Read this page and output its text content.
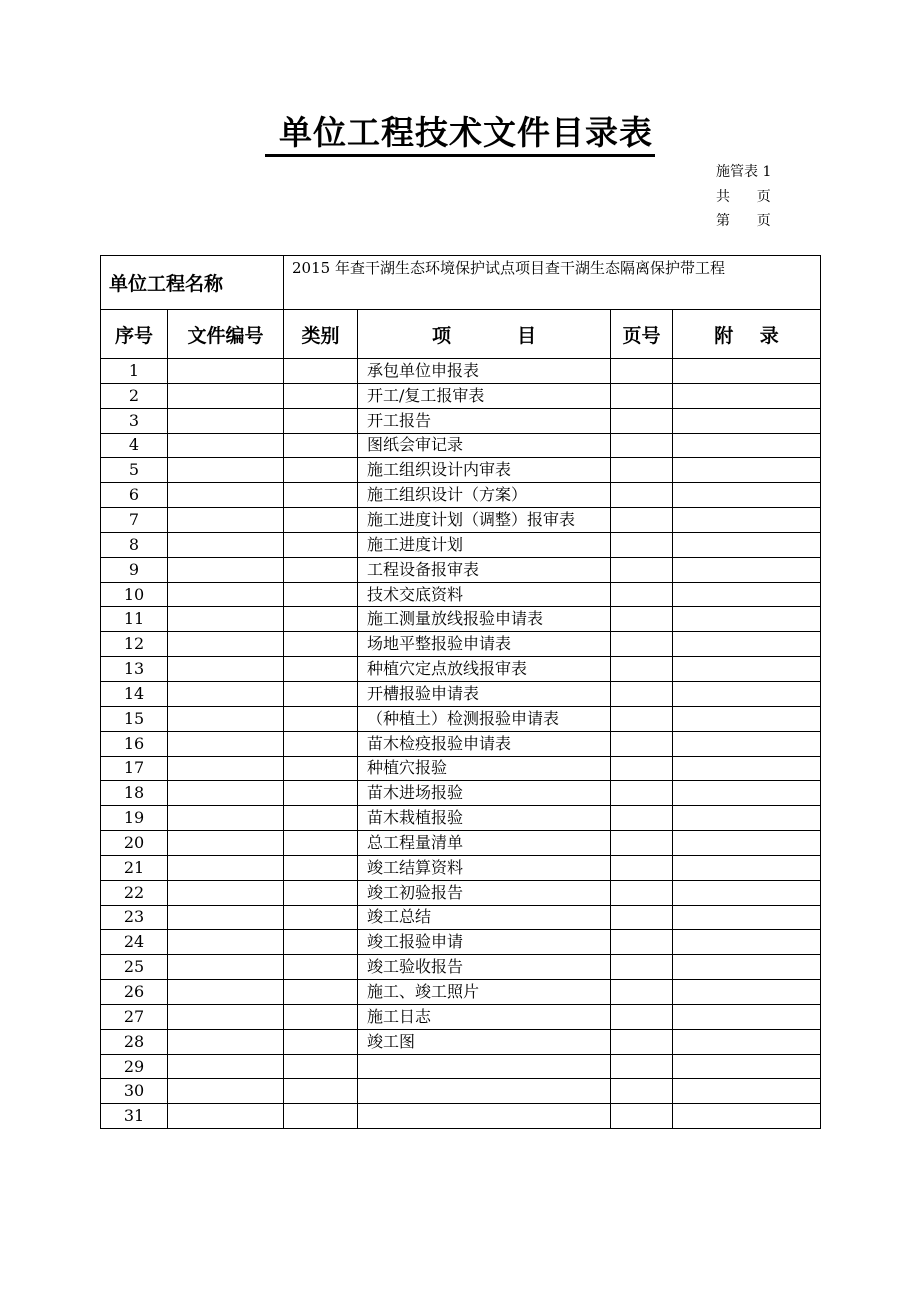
单位工程技术文件目录表
施管表 1
共      页
第      页
单位工程名称		2015 年查干湖生态环境保护试点项目查干湖生态隔离保护带工程			
序号	文件编号	类别	项          目	页号	附    录
1			承包单位申报表		
2			开工/复工报审表		
3			开工报告		
4			图纸会审记录		
5			施工组织设计内审表		
6			施工组织设计（方案）		
7			施工进度计划（调整）报审表		
8			施工进度计划		
9			工程设备报审表		
10			技术交底资料		
11			施工测量放线报验申请表		
12			场地平整报验申请表		
13			种植穴定点放线报审表		
14			开槽报验申请表		
15			（种植土）检测报验申请表		
16			苗木检疫报验申请表		
17			种植穴报验		
18			苗木进场报验		
19			苗木栽植报验		
20			总工程量清单		
21			竣工结算资料		
22			竣工初验报告		
23			竣工总结		
24			竣工报验申请		
25			竣工验收报告		
26			施工、竣工照片		
27			施工日志		
28			竣工图		
29					
30					
31					
